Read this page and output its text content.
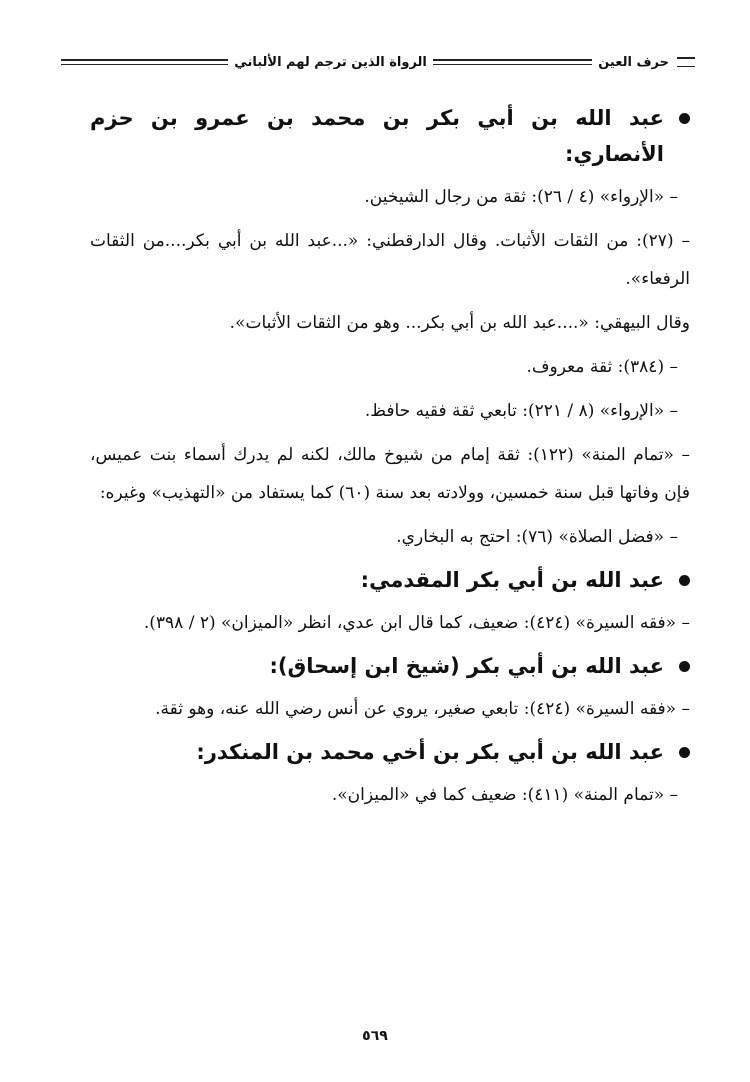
حرف العين
الرواة الذين ترجم لهم الألباني
عبد الله بن أبي بكر بن محمد بن عمرو بن حزم الأنصاري:

– «الإرواء» (٤ / ٢٦): ثقة من رجال الشيخين.

– (٢٧): من الثقات الأثبات. وقال الدارقطني: «...عبد الله بن أبي بكر....من الثقات الرفعاء».

وقال البيهقي: «....عبد الله بن أبي بكر... وهو من الثقات الأثبات».

– (٣٨٤): ثقة معروف.

– «الإرواء» (٨ / ٢٢١): تابعي ثقة فقيه حافظ.

– «تمام المنة» (١٢٢): ثقة إمام من شيوخ مالك، لكنه لم يدرك أسماء بنت عميس، فإن وفاتها قبل سنة خمسين، وولادته بعد سنة (٦٠) كما يستفاد من «التهذيب» وغيره:

– «فضل الصلاة» (٧٦): احتج به البخاري.

عبد الله بن أبي بكر المقدمي:

– «فقه السيرة» (٤٢٤): ضعيف، كما قال ابن عدي، انظر «الميزان» (٢ / ٣٩٨).

عبد الله بن أبي بكر (شيخ ابن إسحاق):

– «فقه السيرة» (٤٢٤): تابعي صغير، يروي عن أنس رضي الله عنه، وهو ثقة.

عبد الله بن أبي بكر بن أخي محمد بن المنكدر:

– «تمام المنة» (٤١١): ضعيف كما في «الميزان».

٥٦٩
